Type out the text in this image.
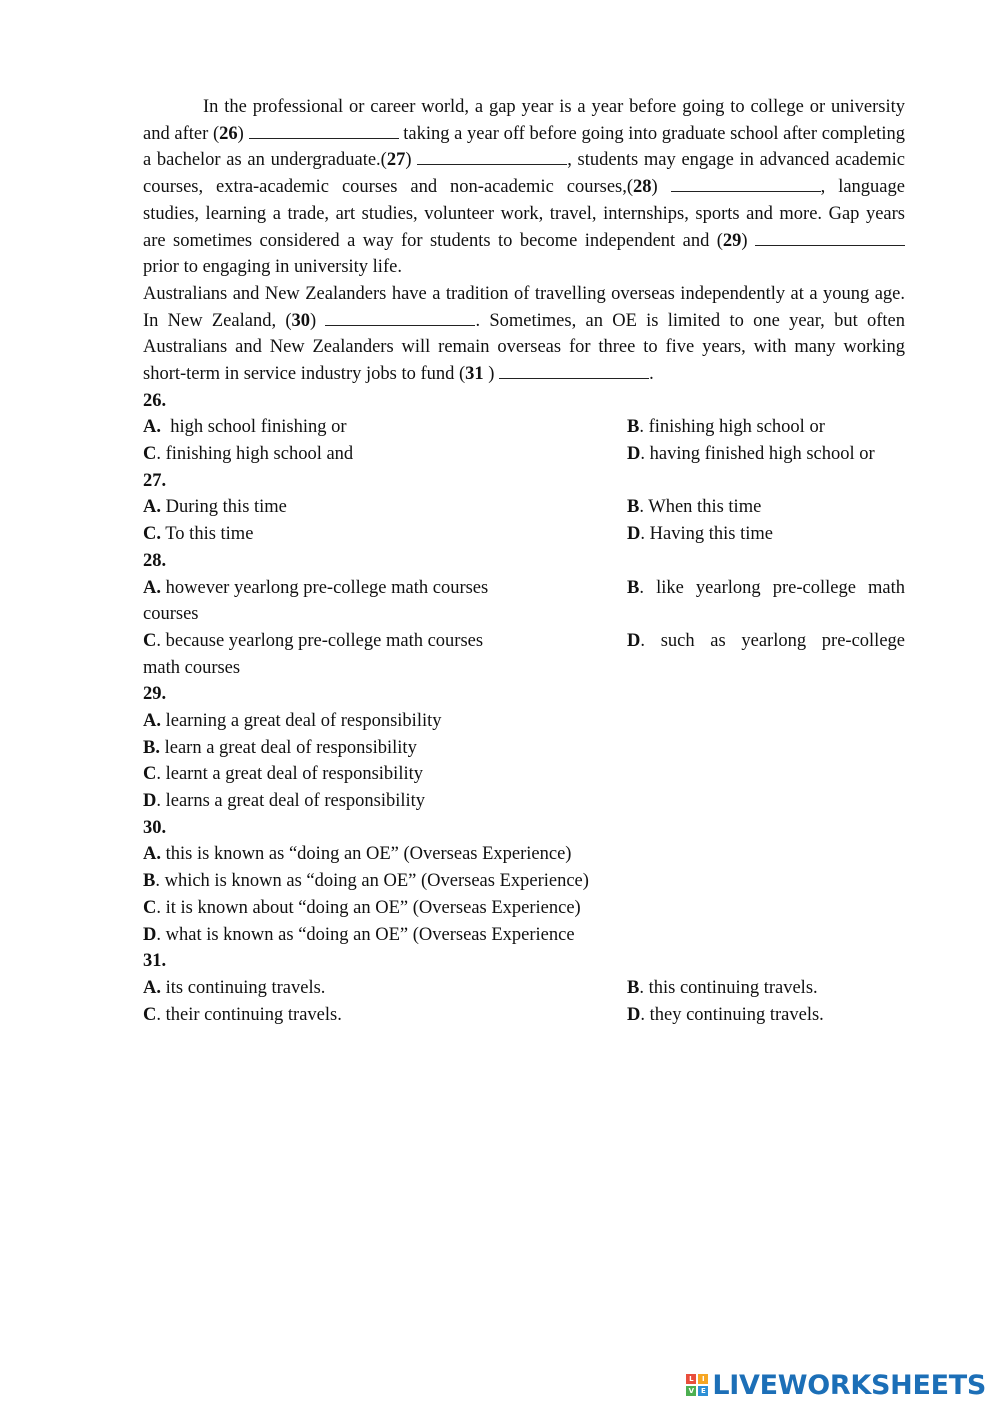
In the professional or career world, a gap year is a year before going to college or university and after (26)	taking a year off before going into graduate school after completing a bachelor as an undergraduate.(27)	, students may engage in advanced academic courses, extra-academic courses and non-academic courses,(28)	, language studies, learning a trade, art studies, volunteer work, travel, internships, sports and more. Gap years are sometimes considered a way for students to become independent and (29)  prior to engaging in university life.

Australians and New Zealanders have a tradition of travelling overseas independently at a young age. In New Zealand, (30)	. Sometimes, an OE is limited to one year, but often Australians and New Zealanders will remain overseas for three to five years, with many working short-term in service industry jobs to fund (31 )	.

26.
A.  high school finishing or	B. finishing high school or
C. finishing high school and	D. having finished high school or
27.
A. During this time	B. When this time
C. To this time	D. Having this time
28.
A. however yearlong pre-college math courses	B. like yearlong pre-college math
courses
C. because yearlong pre-college math courses	D. such as yearlong pre-college
math courses
29.
A. learning a great deal of responsibility
B. learn a great deal of responsibility
C. learnt a great deal of responsibility
D. learns a great deal of responsibility
30.
A. this is known as “doing an OE” (Overseas Experience)
B. which is known as “doing an OE” (Overseas Experience)
C. it is known about “doing an OE” (Overseas Experience)
D. what is known as “doing an OE” (Overseas Experience
31.
A. its continuing travels.	B. this continuing travels.
C. their continuing travels.	D. they continuing travels.
L	I
V E LIVEWORKSHEETS
